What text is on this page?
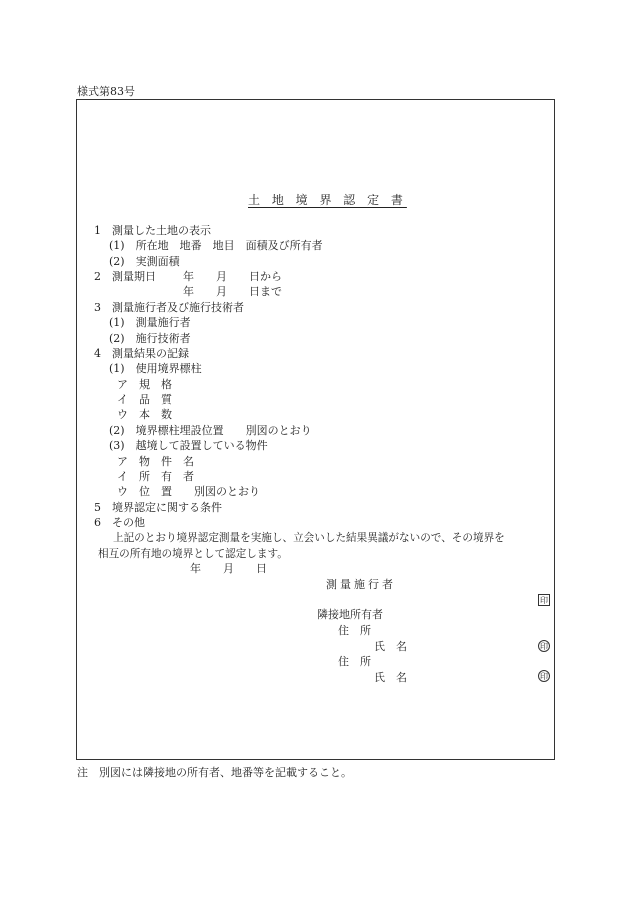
様式第83号
土 地 境 界 認 定 書
1　測量した土地の表示
(1)　所在地　地番　地目　面積及び所有者
(2)　実測面積
2　測量期日 年　　月　　日から
年　　月　　日まで
3　測量施行者及び施行技術者
(1)　測量施行者
(2)　施行技術者
4　測量結果の記録
(1)　使用境界標柱
ア　規　格
イ　品　質
ウ　本　数
(2)　境界標柱埋設位置　　別図のとおり
(3)　越境して設置している物件
ア　物　件　名
イ　所　有　者
ウ　位　置　　別図のとおり
5　境界認定に関する条件
6　その他
上記のとおり境界認定測量を実施し、立会いした結果異議がないので、その境界を
相互の所有地の境界として認定します。
年　　月　　日
測量施行者
印
隣接地所有者
住　所
氏　名	印
住　所
氏　名	印
注　別図には隣接地の所有者、地番等を記載すること。
